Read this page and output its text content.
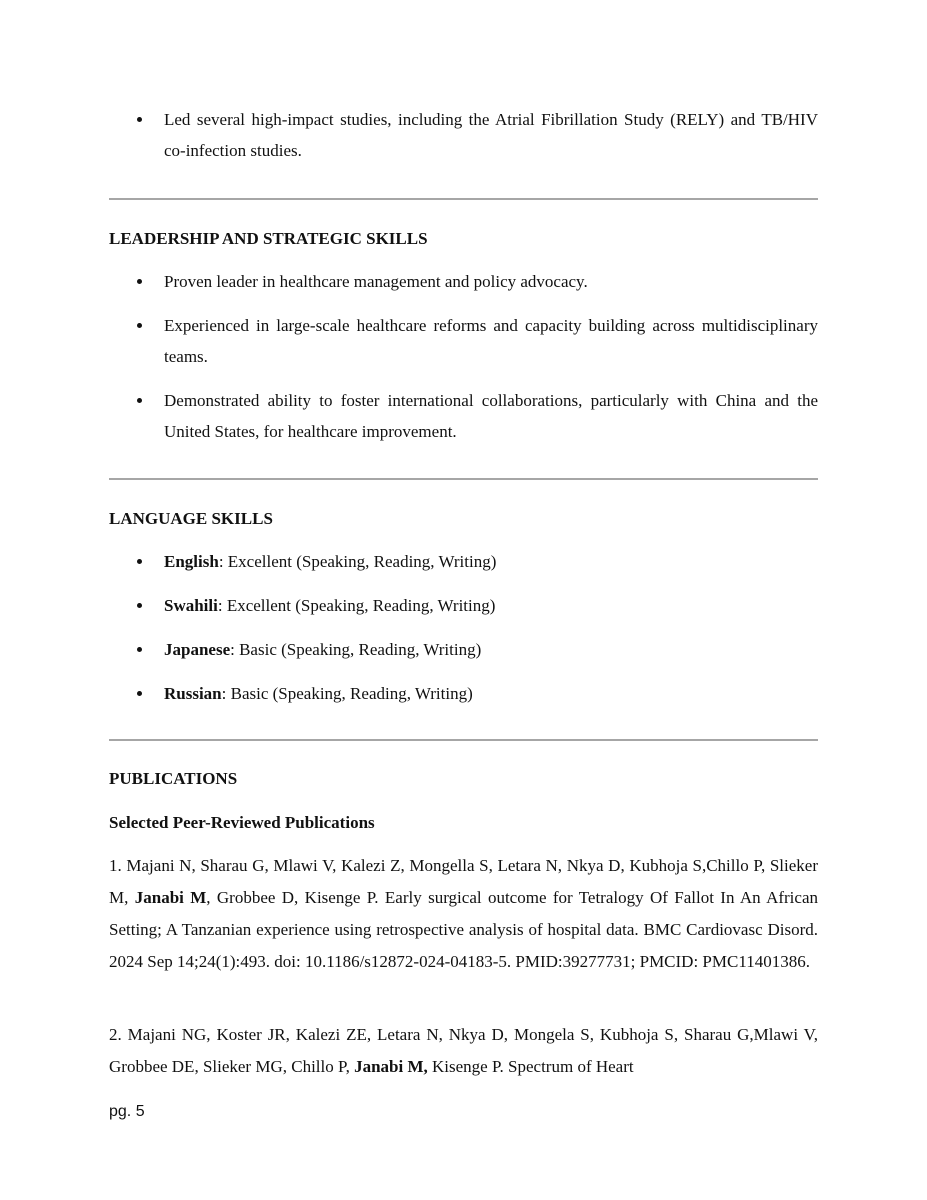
Led several high-impact studies, including the Atrial Fibrillation Study (RELY) and TB/HIV co-infection studies.
LEADERSHIP AND STRATEGIC SKILLS
Proven leader in healthcare management and policy advocacy.
Experienced in large-scale healthcare reforms and capacity building across multidisciplinary teams.
Demonstrated ability to foster international collaborations, particularly with China and the United States, for healthcare improvement.
LANGUAGE SKILLS
English: Excellent (Speaking, Reading, Writing)
Swahili: Excellent (Speaking, Reading, Writing)
Japanese: Basic (Speaking, Reading, Writing)
Russian: Basic (Speaking, Reading, Writing)
PUBLICATIONS
Selected Peer-Reviewed Publications

1. Majani N, Sharau G, Mlawi V, Kalezi Z, Mongella S, Letara N, Nkya D, Kubhoja S,Chillo P, Slieker M, Janabi M, Grobbee D, Kisenge P. Early surgical outcome for Tetralogy Of Fallot In An African Setting; A Tanzanian experience using retrospective analysis of hospital data. BMC Cardiovasc Disord. 2024 Sep 14;24(1):493. doi: 10.1186/s12872-024-04183-5. PMID:39277731; PMCID: PMC11401386.

2. Majani NG, Koster JR, Kalezi ZE, Letara N, Nkya D, Mongela S, Kubhoja S, Sharau G,Mlawi V, Grobbee DE, Slieker MG, Chillo P, Janabi M, Kisenge P. Spectrum of Heart

pg. 5
